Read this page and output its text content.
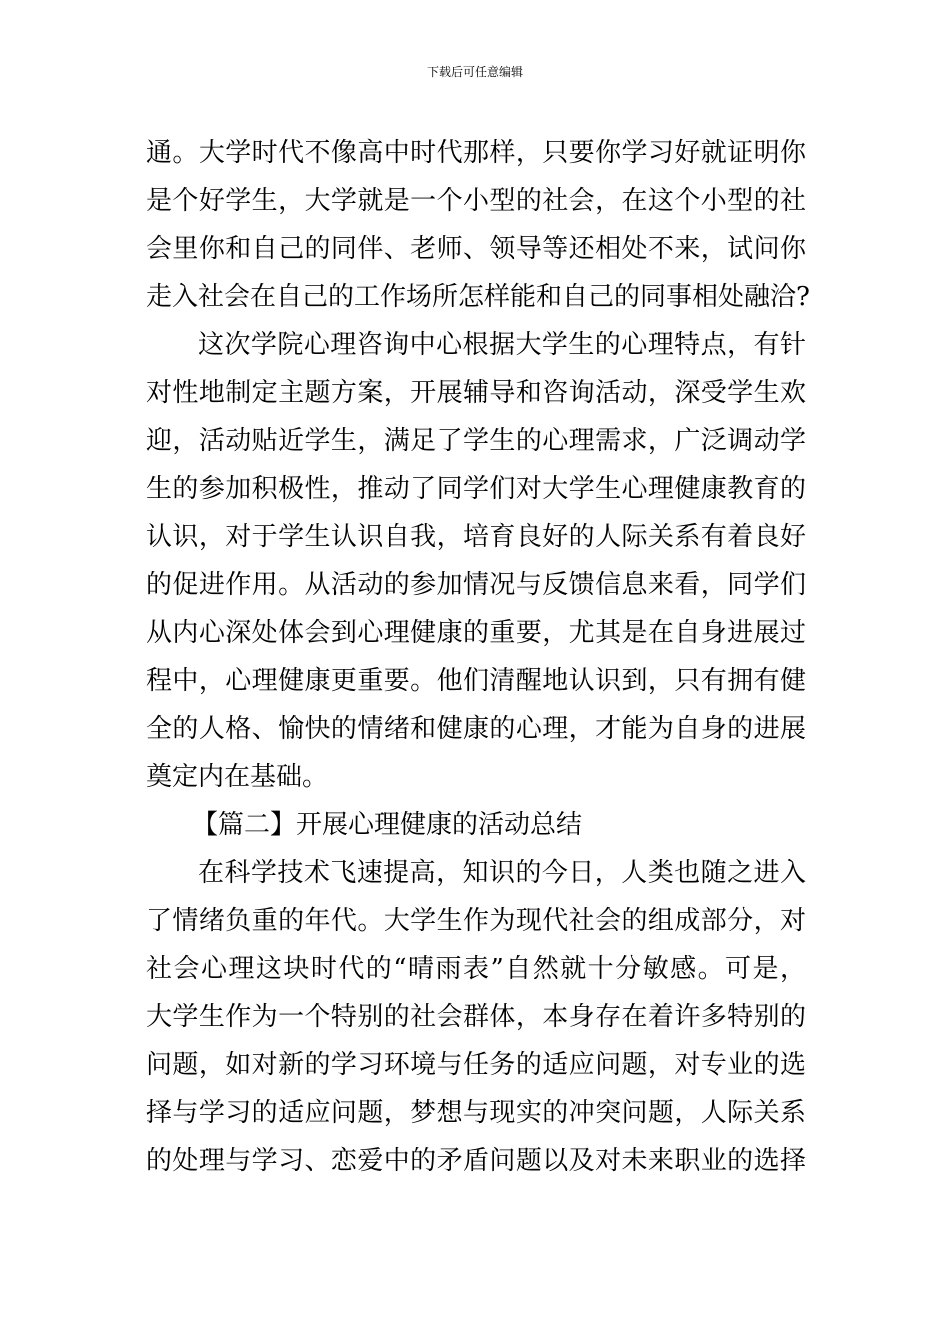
下载后可任意编辑
通。大学时代不像高中时代那样，只要你学习好就证明你
是个好学生，大学就是一个小型的社会，在这个小型的社
会里你和自己的同伴、老师、领导等还相处不来，试问你
走入社会在自己的工作场所怎样能和自己的同事相处融洽?
这次学院心理咨询中心根据大学生的心理特点，有针
对性地制定主题方案，开展辅导和咨询活动，深受学生欢
迎，活动贴近学生，满足了学生的心理需求，广泛调动学
生的参加积极性，推动了同学们对大学生心理健康教育的
认识，对于学生认识自我，培育良好的人际关系有着良好
的促进作用。从活动的参加情况与反馈信息来看，同学们
从内心深处体会到心理健康的重要，尤其是在自身进展过
程中，心理健康更重要。他们清醒地认识到，只有拥有健
全的人格、愉快的情绪和健康的心理，才能为自身的进展
奠定内在基础。
【篇二】开展心理健康的活动总结
在科学技术飞速提高，知识的今日，人类也随之进入
了情绪负重的年代。大学生作为现代社会的组成部分，对
社会心理这块时代的“晴雨表”自然就十分敏感。可是，
大学生作为一个特别的社会群体，本身存在着许多特别的
问题，如对新的学习环境与任务的适应问题，对专业的选
择与学习的适应问题，梦想与现实的冲突问题，人际关系
的处理与学习、恋爱中的矛盾问题以及对未来职业的选择
